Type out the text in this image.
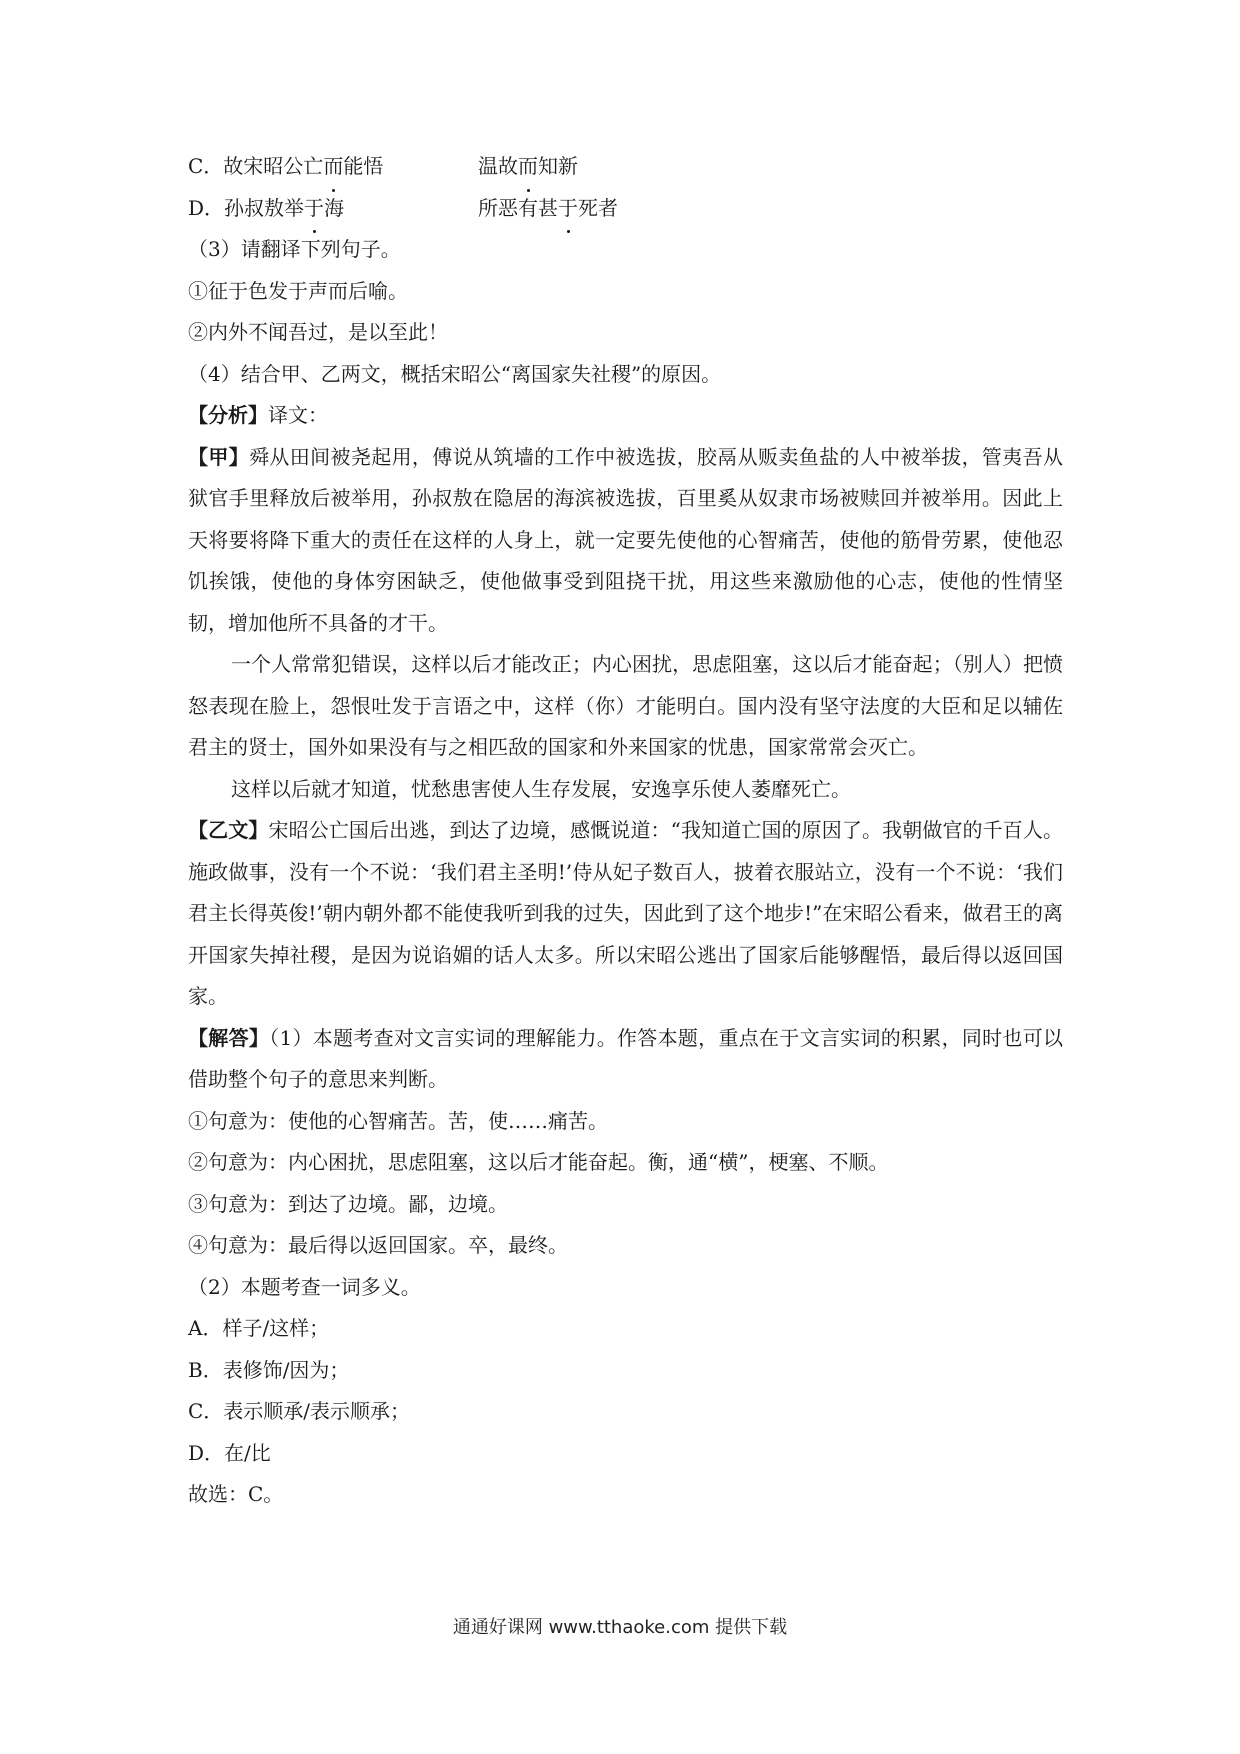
C．故宋昭公亡而能悟	温故而知新
D．孙叔敖举于海	所恶有甚于死者
（3）请翻译下列句子。
①征于色发于声而后喻。
②内外不闻吾过，是以至此！
（4）结合甲、乙两文，概括宋昭公“离国家失社稷”的原因。
【分析】译文：
【甲】舜从田间被尧起用，傅说从筑墙的工作中被选拔，胶鬲从贩卖鱼盐的人中被举拔，管夷吾从狱官手里释放后被举用，孙叔敖在隐居的海滨被选拔，百里奚从奴隶市场被赎回并被举用。因此上天将要将降下重大的责任在这样的人身上，就一定要先使他的心智痛苦，使他的筋骨劳累，使他忍饥挨饿，使他的身体穷困缺乏，使他做事受到阻挠干扰，用这些来激励他的心志，使他的性情坚韧，增加他所不具备的才干。
一个人常常犯错误，这样以后才能改正；内心困扰，思虑阻塞，这以后才能奋起；（别人）把愤怒表现在脸上，怨恨吐发于言语之中，这样（你）才能明白。国内没有坚守法度的大臣和足以辅佐君主的贤士，国外如果没有与之相匹敌的国家和外来国家的忧患，国家常常会灭亡。
这样以后就才知道，忧愁患害使人生存发展，安逸享乐使人萎靡死亡。
【乙文】宋昭公亡国后出逃，到达了边境，感慨说道：“我知道亡国的原因了。我朝做官的千百人。施政做事，没有一个不说：‘我们君主圣明!’侍从妃子数百人，披着衣服站立，没有一个不说：‘我们君主长得英俊!’朝内朝外都不能使我听到我的过失，因此到了这个地步!”在宋昭公看来，做君王的离开国家失掉社稷，是因为说谄媚的话人太多。所以宋昭公逃出了国家后能够醒悟，最后得以返回国家。
【解答】（1）本题考查对文言实词的理解能力。作答本题，重点在于文言实词的积累，同时也可以借助整个句子的意思来判断。
①句意为：使他的心智痛苦。苦，使……痛苦。
②句意为：内心困扰，思虑阻塞，这以后才能奋起。衡，通“横”，梗塞、不顺。
③句意为：到达了边境。鄙，边境。
④句意为：最后得以返回国家。卒，最终。
（2）本题考查一词多义。
A．样子/这样；
B．表修饰/因为；
C．表示顺承/表示顺承；
D．在/比
故选：C。
通通好课网 www.tthaoke.com 提供下载
